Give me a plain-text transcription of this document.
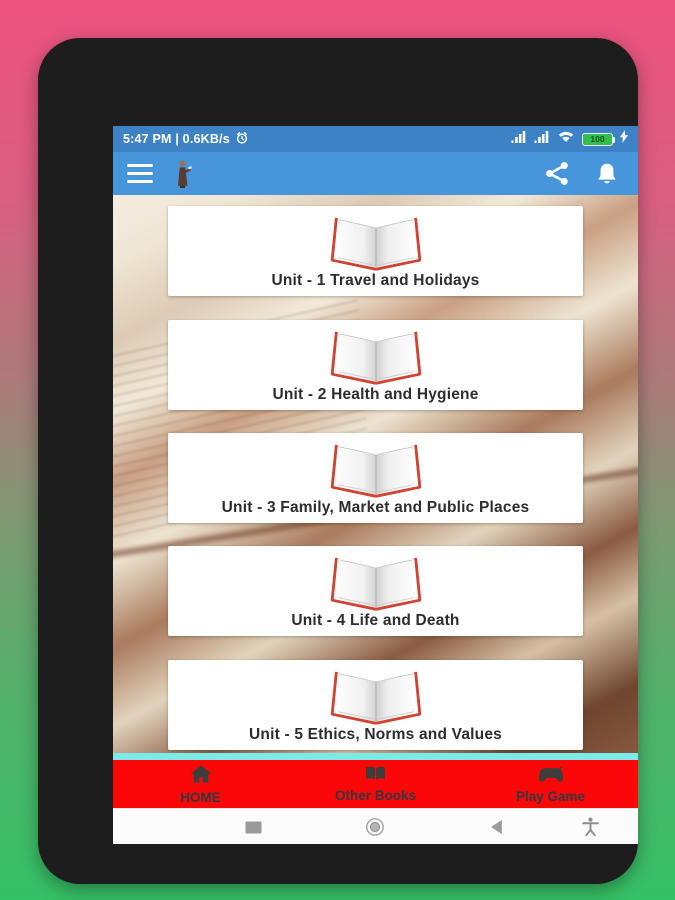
5:47 PM | 0.6KB/s	100
Unit - 1 Travel and Holidays
Unit - 2 Health and Hygiene
Unit - 3 Family, Market and Public Places
Unit - 4 Life and Death
Unit - 5 Ethics, Norms and Values
HOME	Other Books	Play Game
